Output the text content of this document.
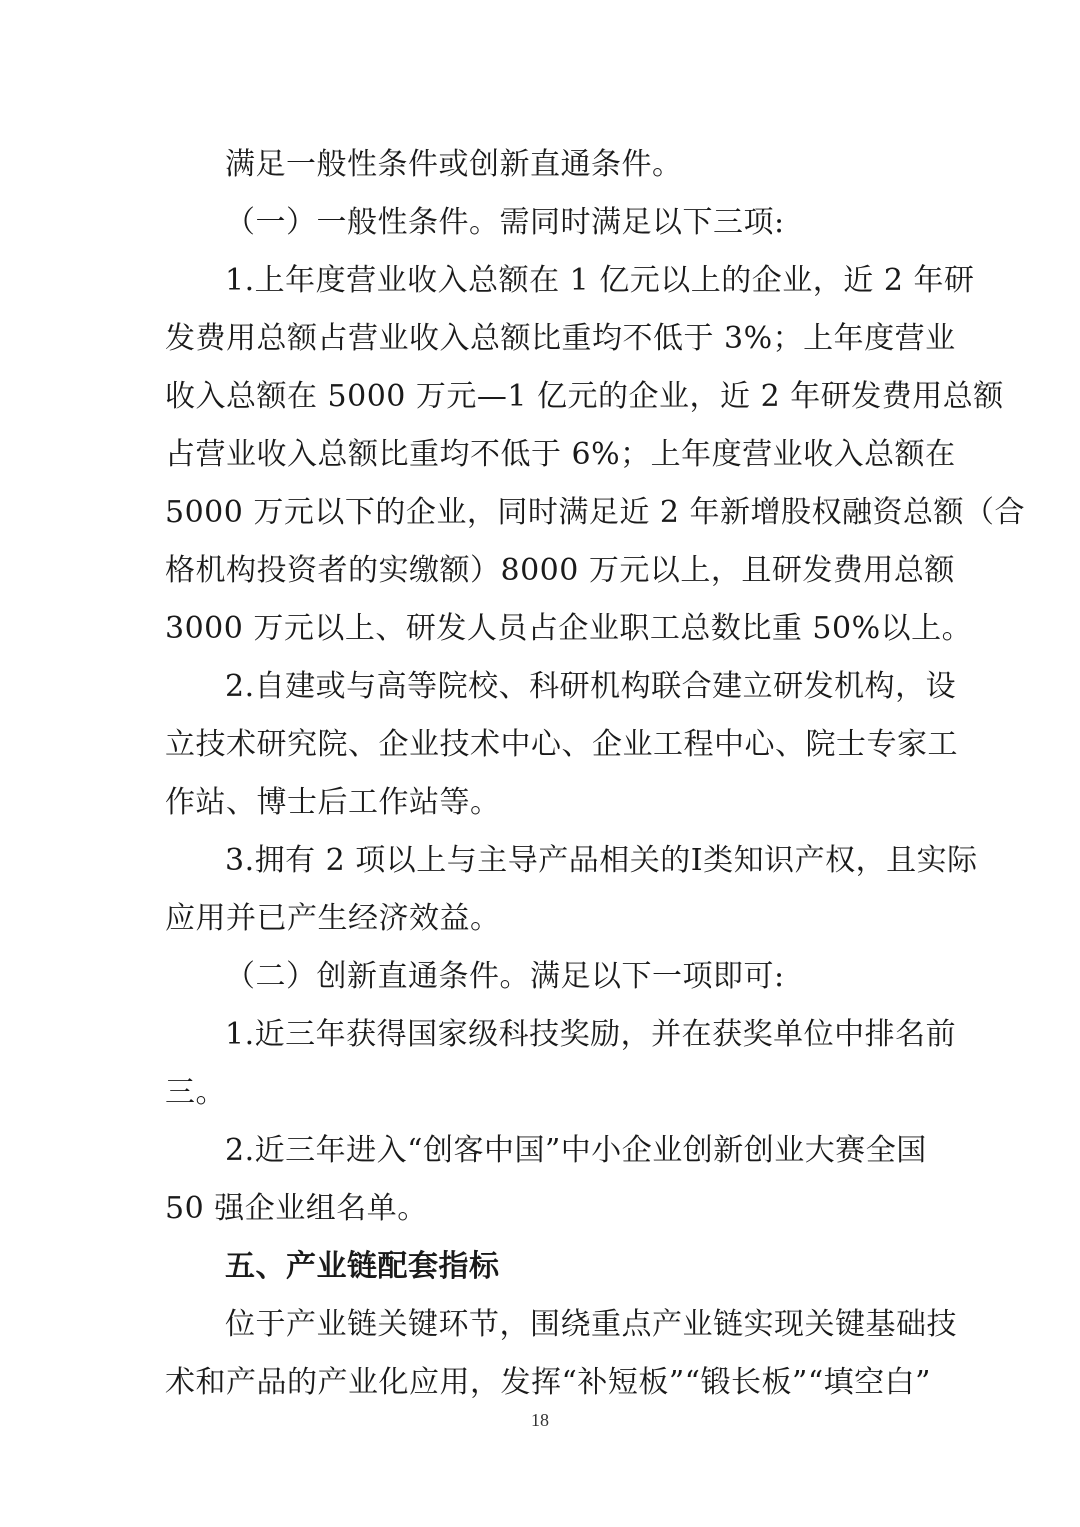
满足一般性条件或创新直通条件。
（一）一般性条件。需同时满足以下三项:
1.上年度营业收入总额在 1 亿元以上的企业，近 2 年研
发费用总额占营业收入总额比重均不低于 3%；上年度营业
收入总额在 5000 万元—1 亿元的企业，近 2 年研发费用总额
占营业收入总额比重均不低于 6%；上年度营业收入总额在
5000 万元以下的企业，同时满足近 2 年新增股权融资总额（合
格机构投资者的实缴额）8000 万元以上，且研发费用总额
3000 万元以上、研发人员占企业职工总数比重 50%以上。
2.自建或与高等院校、科研机构联合建立研发机构，设
立技术研究院、企业技术中心、企业工程中心、院士专家工
作站、博士后工作站等。
3.拥有 2 项以上与主导产品相关的I类知识产权，且实际
应用并已产生经济效益。
（二）创新直通条件。满足以下一项即可:
1.近三年获得国家级科技奖励，并在获奖单位中排名前
三。
2.近三年进入“创客中国”中小企业创新创业大赛全国
50 强企业组名单。
五、产业链配套指标
位于产业链关键环节，围绕重点产业链实现关键基础技
术和产品的产业化应用，发挥“补短板”“锻长板”“填空白”
18
